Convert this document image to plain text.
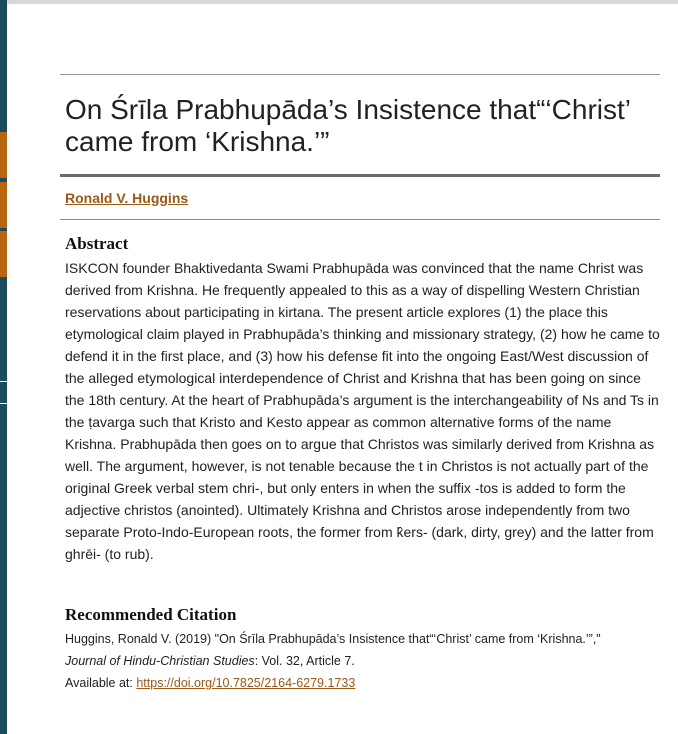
On Śrīla Prabhupāda’s Insistence that“‘Christ’ came from ‘Krishna.’”
Ronald V. Huggins
Abstract

ISKCON founder Bhaktivedanta Swami Prabhupāda was convinced that the name Christ was derived from Krishna. He frequently appealed to this as a way of dispelling Western Christian reservations about participating in kirtana. The present article explores (1) the place this etymological claim played in Prabhupāda’s thinking and missionary strategy, (2) how he came to defend it in the first place, and (3) how his defense fit into the ongoing East/West discussion of the alleged etymological interdependence of Christ and Krishna that has been going on since the 18th century. At the heart of Prabhupāda’s argument is the interchangeability of Ns and Ts in the ṭavarga such that Kristo and Kesto appear as common alternative forms of the name Krishna. Prabhupāda then goes on to argue that Christos was similarly derived from Krishna as well. The argument, however, is not tenable because the t in Christos is not actually part of the original Greek verbal stem chri-, but only enters in when the suffix -tos is added to form the adjective christos (anointed). Ultimately Krishna and Christos arose independently from two separate Proto-Indo-European roots, the former from k̂ers- (dark, dirty, grey) and the latter from ghrēi- (to rub).

Recommended Citation
Huggins, Ronald V. (2019) "On Śrīla Prabhupāda’s Insistence that“‘Christ’ came from ‘Krishna.’”,"
Journal of Hindu-Christian Studies: Vol. 32, Article 7.
Available at: https://doi.org/10.7825/2164-6279.1733
